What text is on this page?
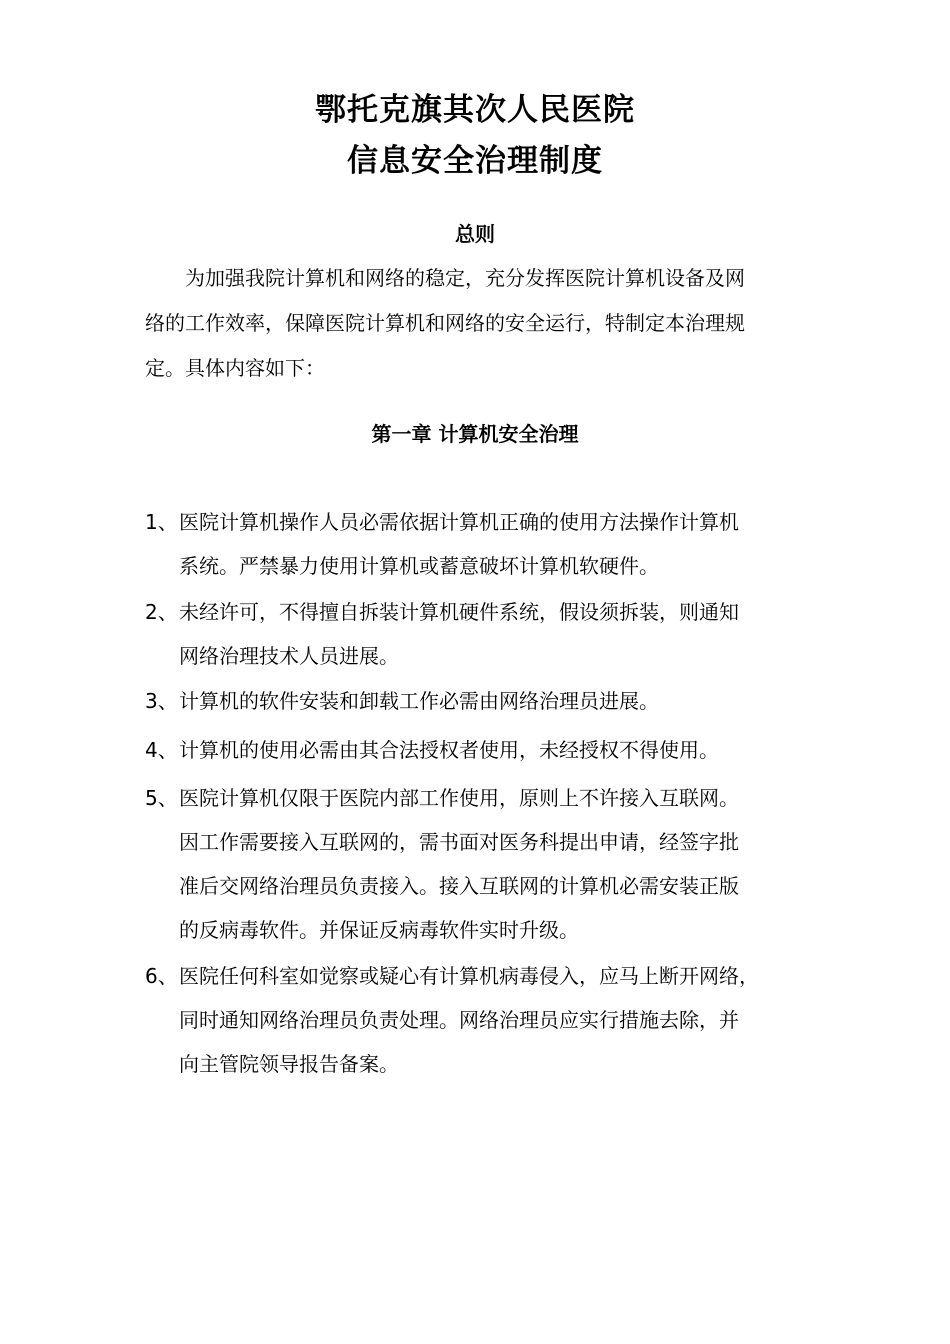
鄂托克旗其次人民医院
信息安全治理制度
总则
　　为加强我院计算机和网络的稳定，充分发挥医院计算机设备及网
络的工作效率，保障医院计算机和网络的安全运行，特制定本治理规
定。具体内容如下：
第一章 计算机安全治理
1、 医院计算机操作人员必需依据计算机正确的使用方法操作计算机
系统。严禁暴力使用计算机或蓄意破坏计算机软硬件。
2、 未经许可，不得擅自拆装计算机硬件系统，假设须拆装，则通知
网络治理技术人员进展。
3、 计算机的软件安装和卸载工作必需由网络治理员进展。
4、 计算机的使用必需由其合法授权者使用，未经授权不得使用。
5、 医院计算机仅限于医院内部工作使用，原则上不许接入互联网。
因工作需要接入互联网的，需书面对医务科提出申请，经签字批
准后交网络治理员负责接入。接入互联网的计算机必需安装正版
的反病毒软件。并保证反病毒软件实时升级。
6、 医院任何科室如觉察或疑心有计算机病毒侵入，应马上断开网络，
同时通知网络治理员负责处理。网络治理员应实行措施去除，并
向主管院领导报告备案。
